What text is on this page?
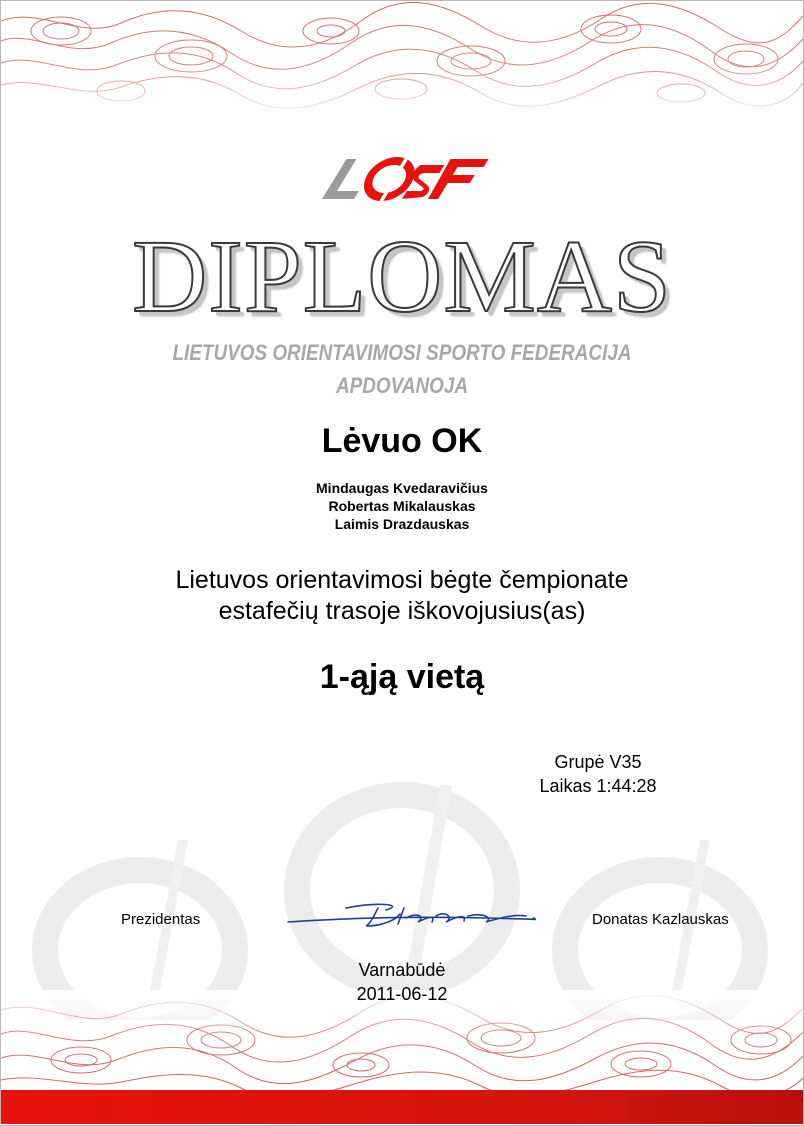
DIPLOMAS
LIETUVOS ORIENTAVIMOSI SPORTO FEDERACIJA
APDOVANOJA
Lėvuo OK
Mindaugas Kvedaravičius
Robertas Mikalauskas
Laimis Drazdauskas
Lietuvos orientavimosi bėgte čempionate
estafečių trasoje iškovojusius(as)
1-ąją vietą
Grupė V35
Laikas 1:44:28
Prezidentas	Donatas Kazlauskas
Varnabūdė
2011-06-12
